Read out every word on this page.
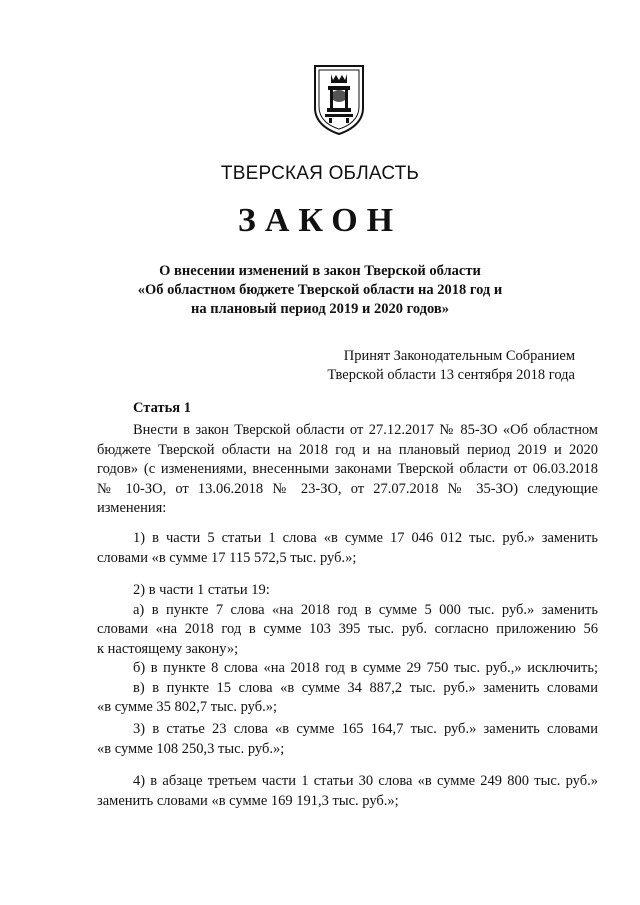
ТВЕРСКАЯ ОБЛАСТЬ
ЗАКОН
О внесении изменений в закон Тверской области
«Об областном бюджете Тверской области на 2018 год и
на плановый период 2019 и 2020 годов»
Принят Законодательным Собранием
Тверской области 13 сентября 2018 года
Статья 1
Внести в закон Тверской области от 27.12.2017 № 85-ЗО «Об областном
бюджете Тверской области на 2018 год и на плановый период 2019 и 2020
годов» (с изменениями, внесенными законами Тверской области от 06.03.2018
№ 10-ЗО, от 13.06.2018 № 23-ЗО, от 27.07.2018 № 35-ЗО) следующие
изменения:
1) в части 5 статьи 1 слова «в сумме 17 046 012 тыс. руб.» заменить
словами «в сумме 17 115 572,5 тыс. руб.»;
2) в части 1 статьи 19:
а) в пункте 7 слова «на 2018 год в сумме 5 000 тыс. руб.» заменить
словами «на 2018 год в сумме 103 395 тыс. руб. согласно приложению 56
к настоящему закону»;
б) в пункте 8 слова «на 2018 год в сумме 29 750 тыс. руб.,» исключить;
в) в пункте 15 слова «в сумме 34 887,2 тыс. руб.» заменить словами
«в сумме 35 802,7 тыс. руб.»;
3) в статье 23 слова «в сумме 165 164,7 тыс. руб.» заменить словами
«в сумме 108 250,3 тыс. руб.»;
4) в абзаце третьем части 1 статьи 30 слова «в сумме 249 800 тыс. руб.»
заменить словами «в сумме 169 191,3 тыс. руб.»;
